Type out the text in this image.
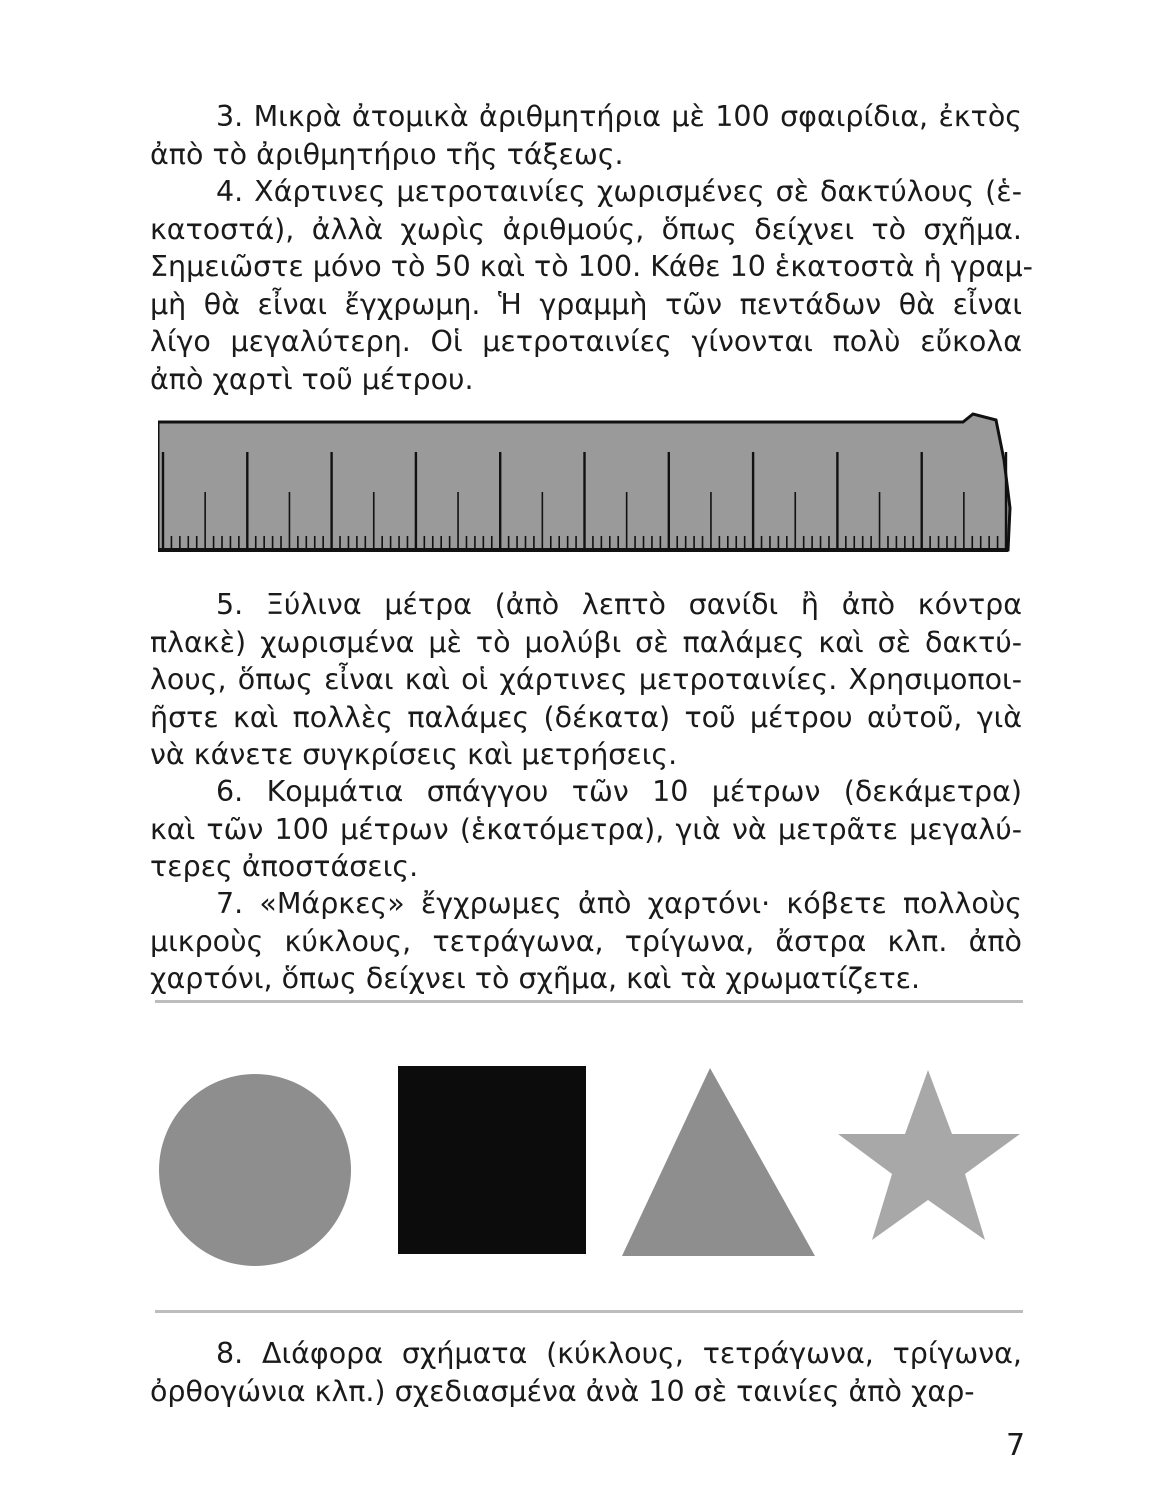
3. Μικρὰ ἀτομικὰ ἀριθμητήρια μὲ 100 σφαιρίδια, ἐκτὸς
ἀπὸ τὸ ἀριθμητήριο τῆς τάξεως.
4. Χάρτινες μετροταινίες χωρισμένες σὲ δακτύλους (ἑ-
κατοστά), ἀλλὰ χωρὶς ἀριθμούς, ὅπως δείχνει τὸ σχῆμα.
Σημειῶστε μόνο τὸ 50 καὶ τὸ 100. Κάθε 10 ἑκατοστὰ ἡ γραμ-
μὴ θὰ εἶναι ἔγχρωμη. Ἡ γραμμὴ τῶν πεντάδων θὰ εἶναι
λίγο μεγαλύτερη. Οἱ μετροταινίες γίνονται πολὺ εὔκολα
ἀπὸ χαρτὶ τοῦ μέτρου.
5. Ξύλινα μέτρα (ἀπὸ λεπτὸ σανίδι ἢ ἀπὸ κόντρα
πλακὲ) χωρισμένα μὲ τὸ μολύβι σὲ παλάμες καὶ σὲ δακτύ-
λους, ὅπως εἶναι καὶ οἱ χάρτινες μετροταινίες. Χρησιμοποι-
ῆστε καὶ πολλὲς παλάμες (δέκατα) τοῦ μέτρου αὐτοῦ, γιὰ
νὰ κάνετε συγκρίσεις καὶ μετρήσεις.
6. Κομμάτια σπάγγου τῶν 10 μέτρων (δεκάμετρα)
καὶ τῶν 100 μέτρων (ἑκατόμετρα), γιὰ νὰ μετρᾶτε μεγαλύ-
τερες ἀποστάσεις.
7. «Μάρκες» ἔγχρωμες ἀπὸ χαρτόνι· κόβετε πολλοὺς
μικροὺς κύκλους, τετράγωνα, τρίγωνα, ἄστρα κλπ. ἀπὸ
χαρτόνι, ὅπως δείχνει τὸ σχῆμα, καὶ τὰ χρωματίζετε.
8. Διάφορα σχήματα (κύκλους, τετράγωνα, τρίγωνα,
ὀρθογώνια κλπ.) σχεδιασμένα ἀνὰ 10 σὲ ταινίες ἀπὸ χαρ-
7
